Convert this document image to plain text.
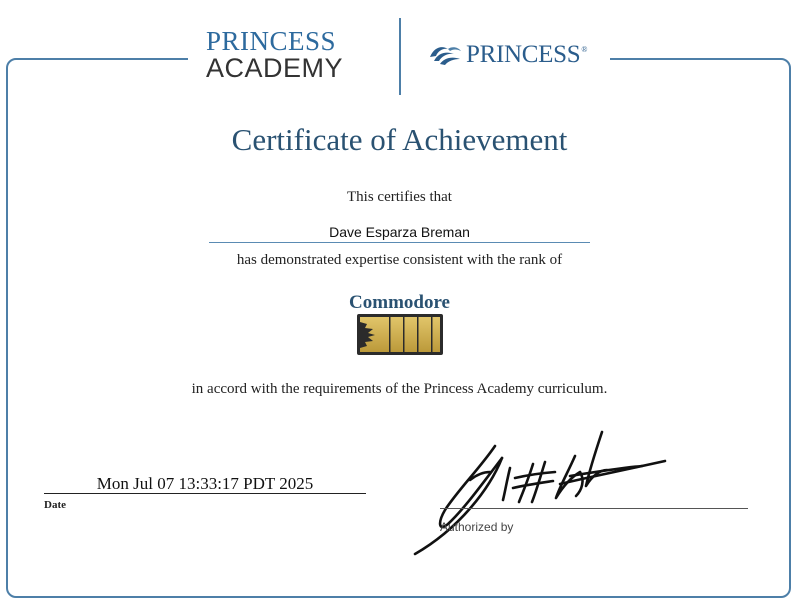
PRINCESS
ACADEMY	PRINCESS ®
Certificate of Achievement
This certifies that
Dave Esparza Breman
has demonstrated expertise consistent with the rank of
Commodore
in accord with the requirements of the Princess Academy curriculum.
Mon Jul 07 13:33:17 PDT 2025
Date
Authorized by
